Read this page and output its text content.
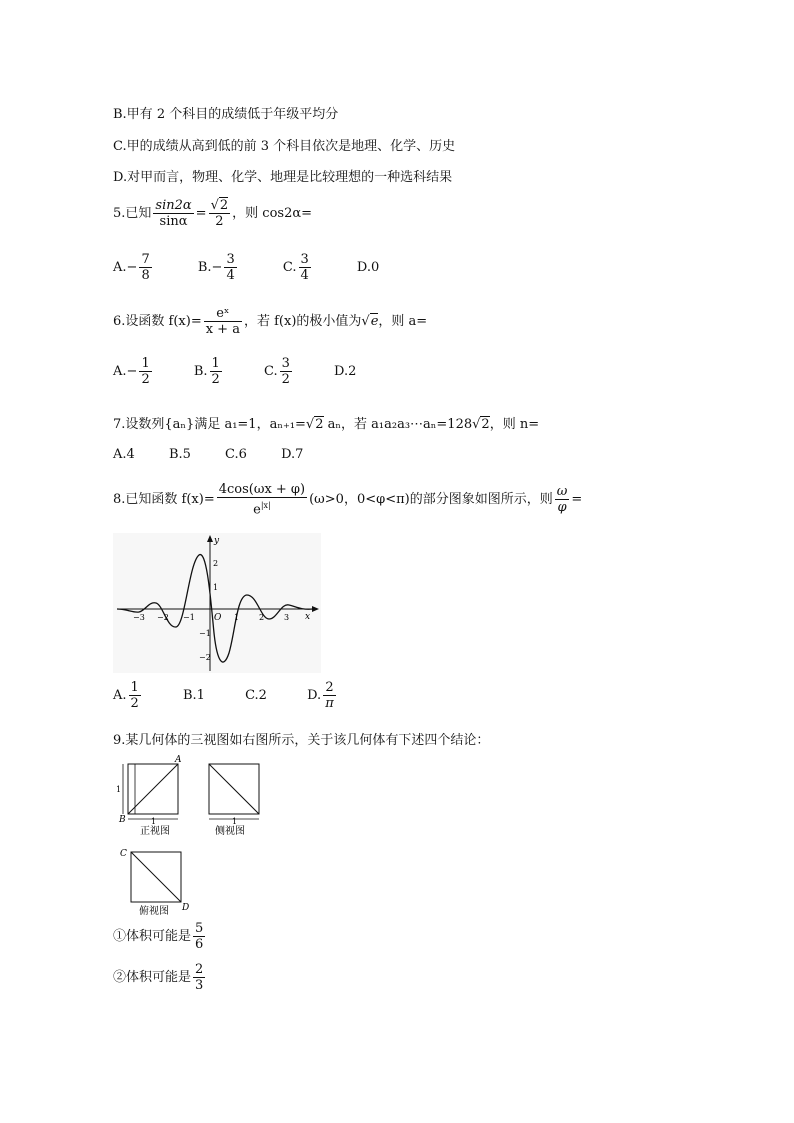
B.甲有 2 个科目的成绩低于年级平均分
C.甲的成绩从高到低的前 3 个科目依次是地理、化学、历史
D.对甲而言，物理、化学、地理是比较理想的一种选科结果
5.已知 $\frac{\sin 2\alpha}{\sin\alpha}$ = √ $\frac{2}{2}$ ，则 cos2α=
$A.- \frac{7}{8}$	$B.- \frac{3}{4}$	C. $\frac{3}{4}$	D.0
6.设函数 $f(x)= \frac{\text{eˣ}}{x + a}$ ，若 f(x)的极小值为 √ e，则 a=
$A.- \frac{1}{2}$	B. $\frac{1}{2}$	C. $\frac{3}{2}$	D.2
7.设数列{aₙ}满足 a₁=1，aₙ₊₁= √ 2 aₙ，若 a₁a₂a₃⋯aₙ=128 √ 2，则 n=
A.4	B.5	C.6	D.7
8.已知函数 $f(x)= \frac{4\cos(\omega x + \varphi)}{e^{|x|}} (\omega>0$，0<φ<π)的部分图象如图所示，则 $\frac{\omega}{\varphi}$ =
y
x
O
−3 −2 −1	1 2 3
2
1
−1
−2
A. $\frac{1}{2}$	B.1	C.2	D. $\frac{2}{\pi}$
9.某几何体的三视图如右图所示，关于该几何体有下述四个结论：
1
1
A
B
正视图
1
侧视图
C
D
俯视图
①体积可能是 $\frac{5}{6}$
②体积可能是 $\frac{2}{3}$
